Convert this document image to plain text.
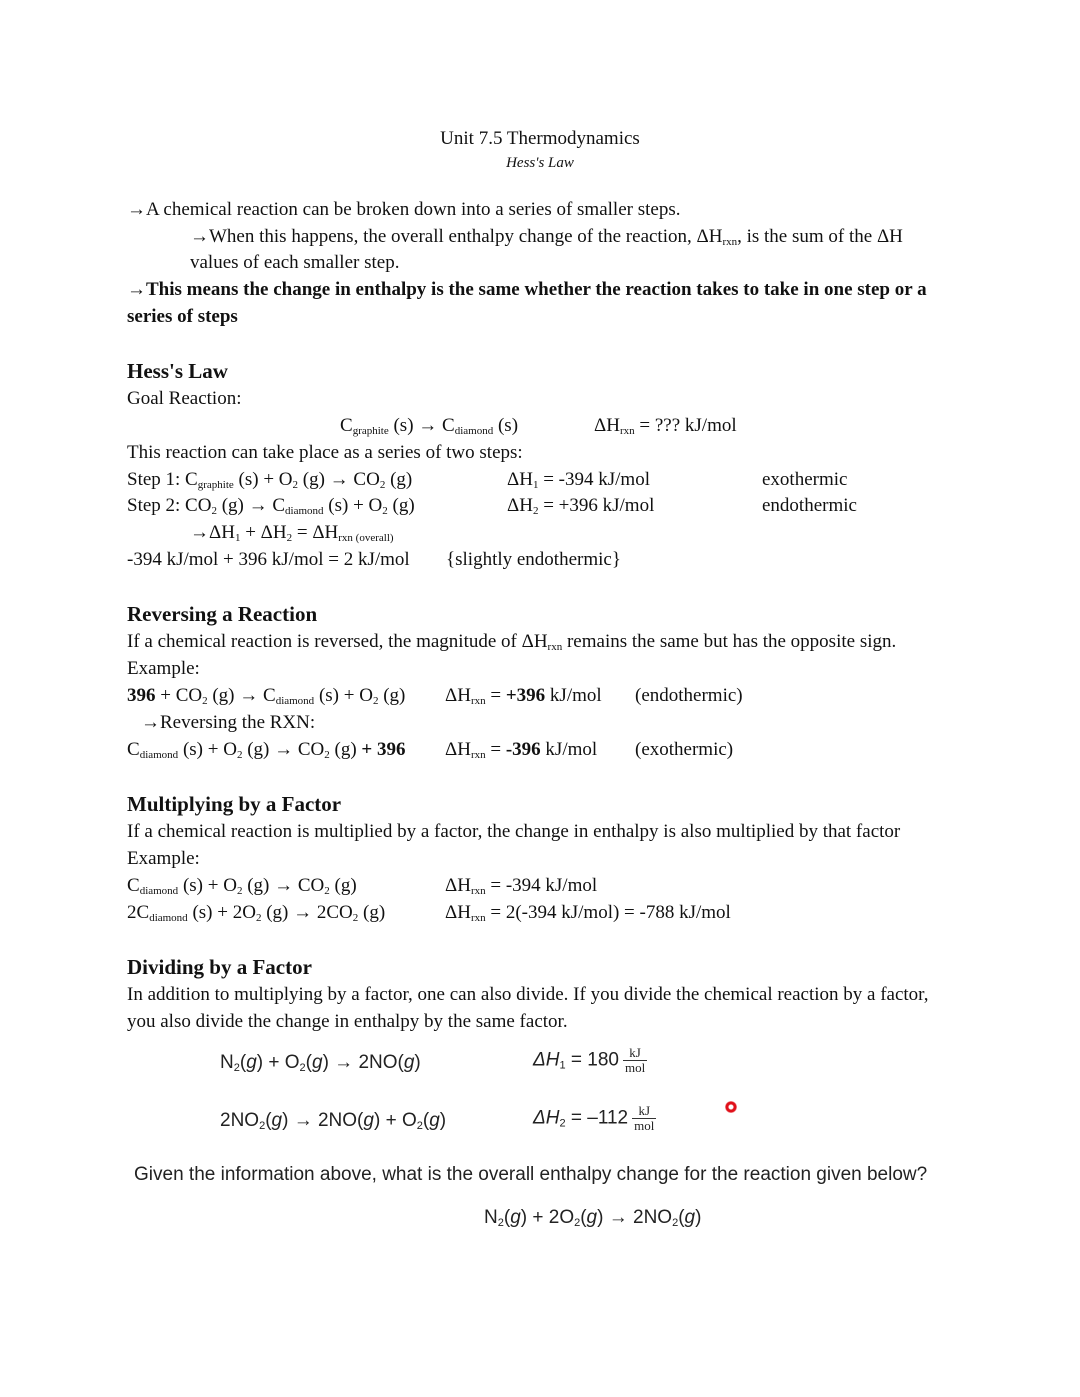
Unit 7.5 Thermodynamics
Hess's Law
→A chemical reaction can be broken down into a series of smaller steps.
→When this happens, the overall enthalpy change of the reaction, $\Delta H_{rxn}$, is the sum of the ΔH
values of each smaller step.
→This means the change in enthalpy is the same whether the reaction takes to take in one step or a
series of steps
Hess's Law
Goal Reaction:
$C_{graphite}$ $(s) \to C_{diamond}$ (s)	$\Delta H_{rxn}$ = ??? kJ/mol
This reaction can take place as a series of two steps:
Step 1: $C_{graphite}$ $(s) + O_2$ $(g) \to CO_2$ (g)	$\Delta H_1 = -394$ kJ/mol	exothermic
Step 2: $CO_2$ $(g) \to C_{diamond}$ $(s) + O_2$ (g)	$\Delta H_2 = +396$ kJ/mol	endothermic
$\to\Delta H_1 + \Delta H_2 = \Delta H_{rxn (overall)}$
-394 kJ/mol + 396 kJ/mol = 2 kJ/mol {slightly endothermic}
Reversing a Reaction
If a chemical reaction is reversed, the magnitude of $\Delta H_{rxn}$ remains the same but has the opposite sign.
Example:
$396 + CO_2$ $(g) \to C_{diamond}$ $(s) + O_2$ (g) $\Delta H_{rxn} = +396$ kJ/mol (endothermic)
→Reversing the RXN:
$C_{diamond}$ $(s) + O_2$ $(g) \to CO_2$ (g) + 396 $\Delta H_{rxn} = -396$ kJ/mol (exothermic)
Multiplying by a Factor
If a chemical reaction is multiplied by a factor, the change in enthalpy is also multiplied by that factor
Example:
$C_{diamond}$ $(s) + O_2$ $(g) \to CO_2$ (g)	$\Delta H_{rxn} = -394$ kJ/mol
$2C_{diamond}$ $(s) + 2O_2$ $(g) \to 2CO_2$ (g)	$\Delta H_{rxn} = 2(-394$ kJ/mol) = -788 kJ/mol
Dividing by a Factor
In addition to multiplying by a factor, one can also divide. If you divide the chemical reaction by a factor,
you also divide the change in enthalpy by the same factor.
$N_2(g) + O_2(g) \to 2NO(g)$	$\Delta H_1 = 180 \frac{kJ}{\text{mol}}$
$2NO_2(g) \to 2NO(g) + O_2(g)$	$\Delta H_2 = -112 \frac{kJ}{\text{mol}}$
Given the information above, what is the overall enthalpy change for the reaction given below?
$N_2(g) + 2O_2(g) \to 2NO_2(g)$
